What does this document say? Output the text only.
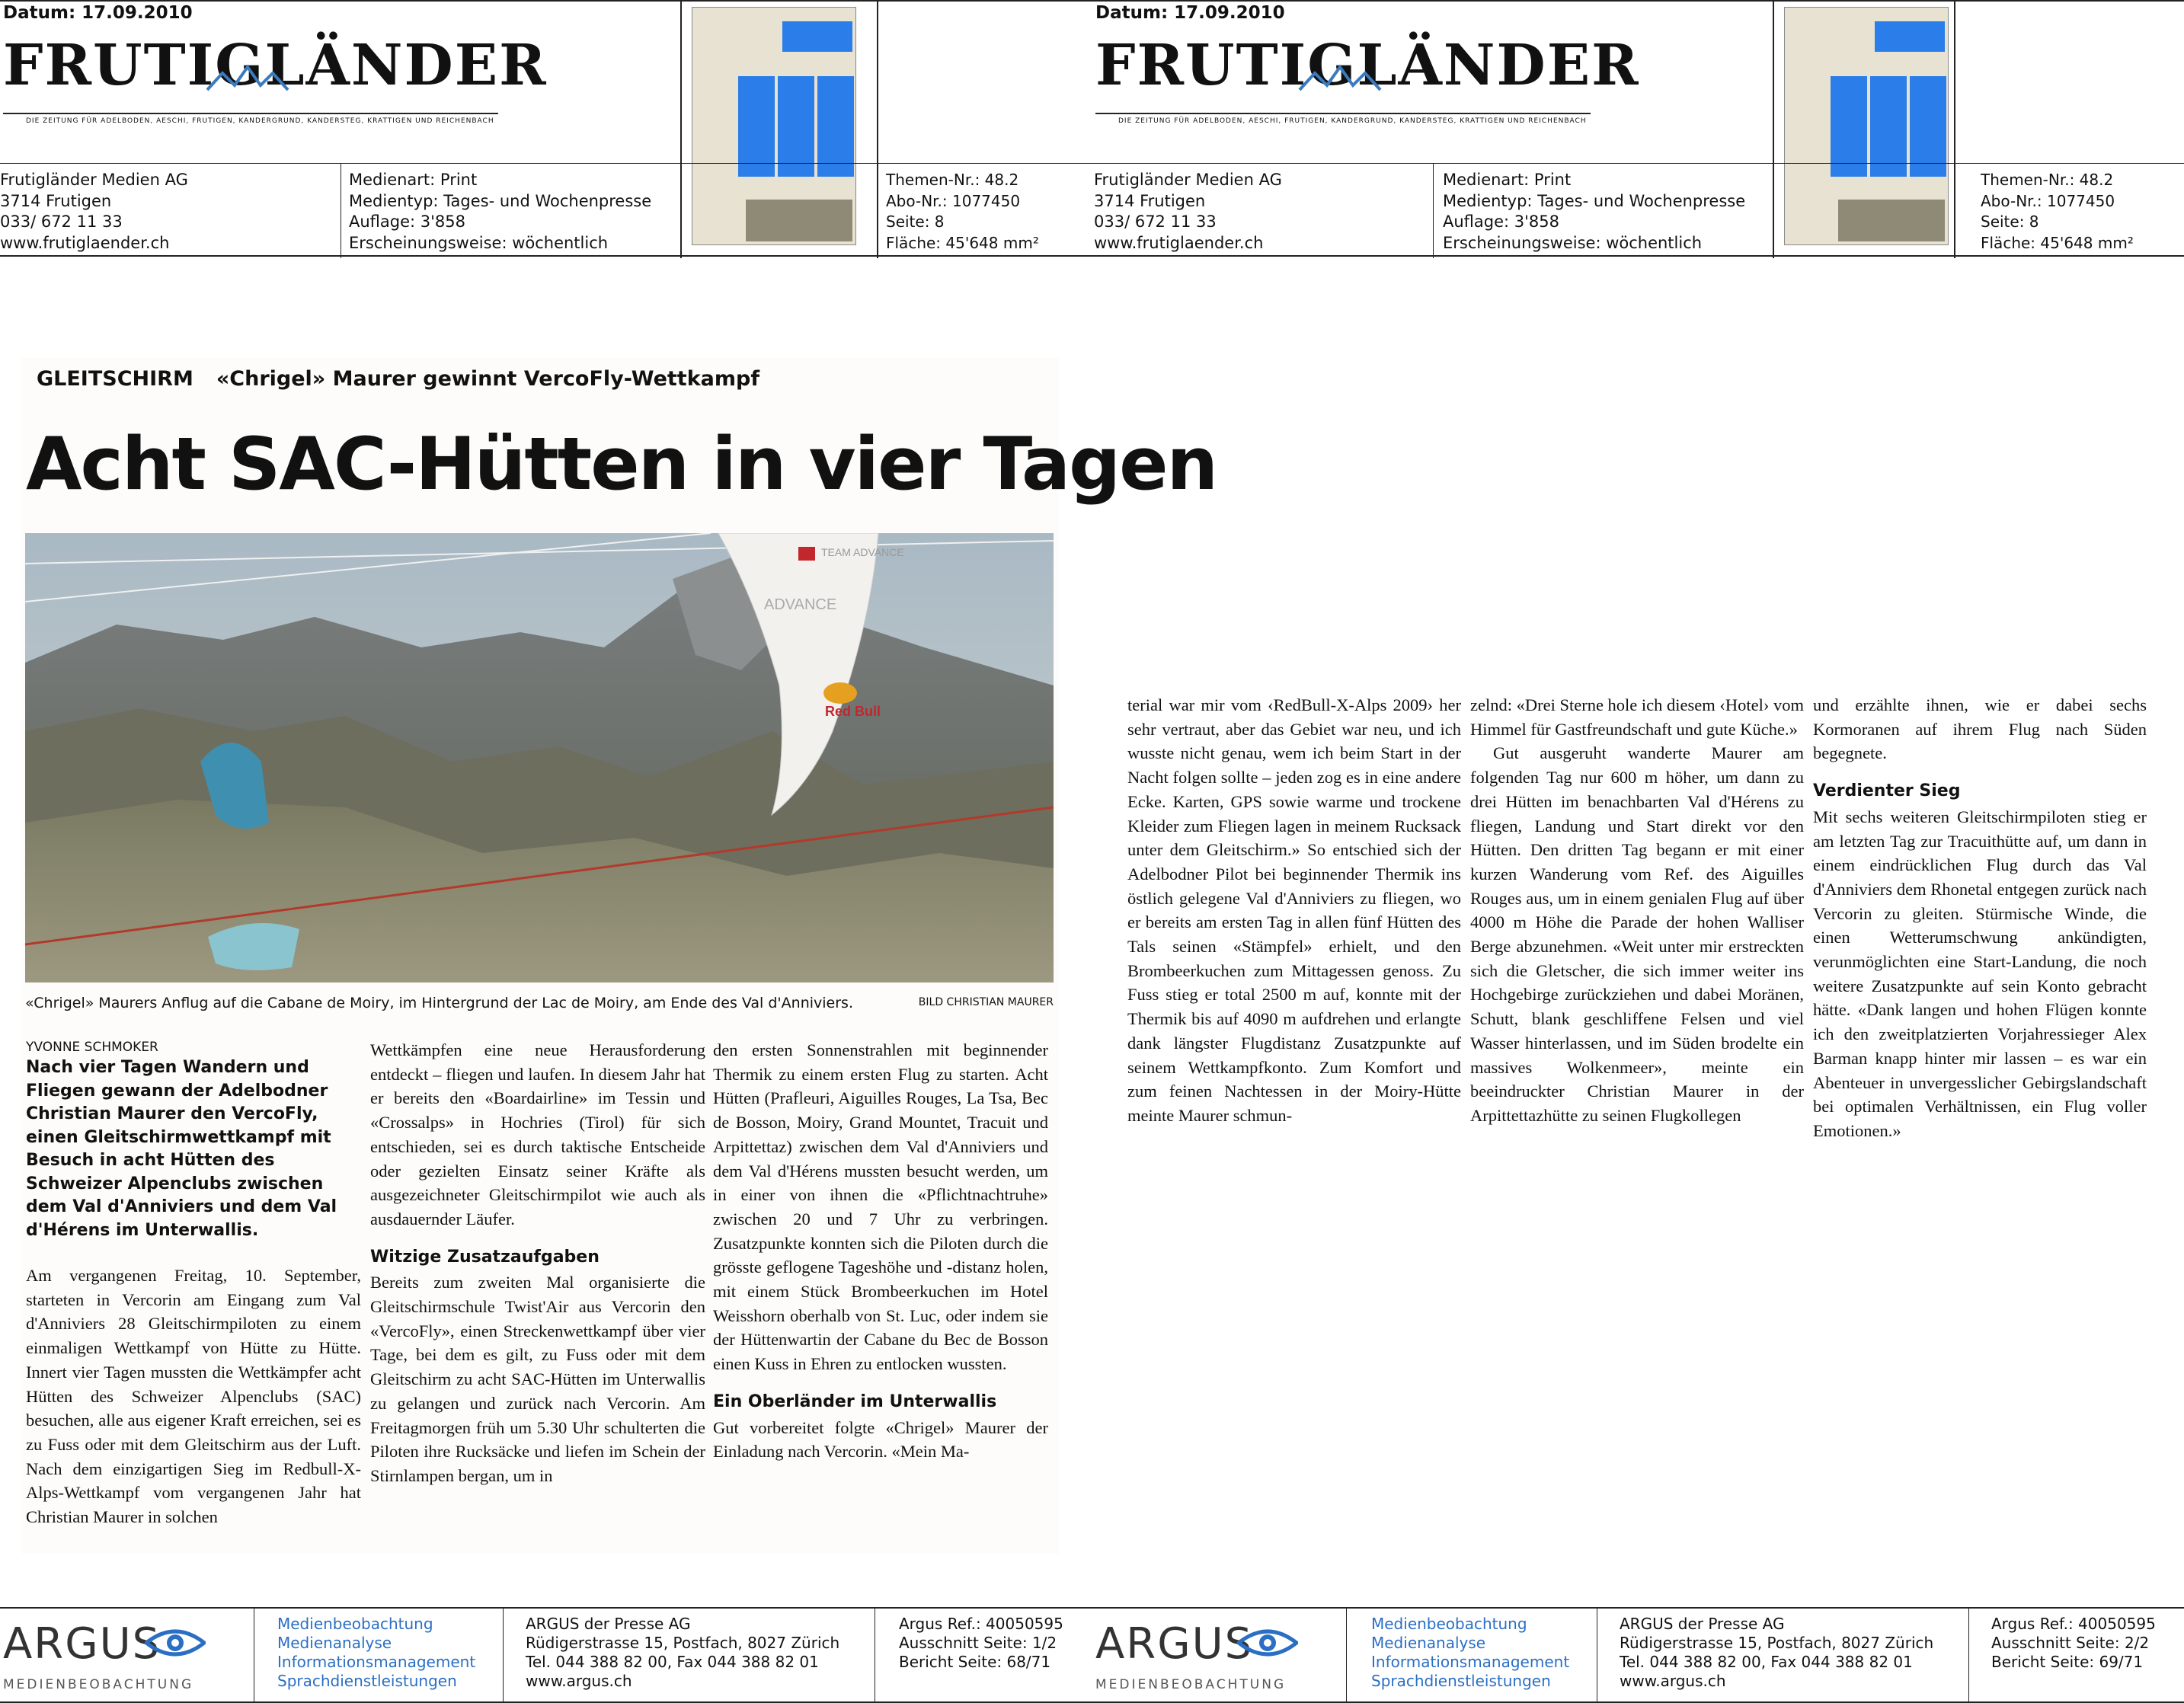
Datum: 17.09.2010
FRUTIGLÄNDER
DIE ZEITUNG FÜR ADELBODEN, AESCHI, FRUTIGEN, KANDERGRUND, KANDERSTEG, KRATTIGEN UND REICHENBACH
Frutigländer Medien AG
3714 Frutigen
033/ 672 11 33
www.frutiglaender.ch
Medienart: Print
Medientyp: Tages- und Wochenpresse
Auflage: 3'858
Erscheinungsweise: wöchentlich
Themen-Nr.: 48.2
Abo-Nr.: 1077450
Seite: 8
Fläche: 45'648 mm²
GLEITSCHIRM «Chrigel» Maurer gewinnt VercoFly-Wettkampf
Acht SAC-Hütten in vier Tagen
TEAM ADVANCE
ADVANCE
Red Bull
«Chrigel» Maurers Anflug auf die Cabane de Moiry, im Hintergrund der Lac de Moiry, am Ende des Val d'Anniviers.	BILD CHRISTIAN MAURER
YVONNE SCHMOKER
Nach vier Tagen Wandern und Fliegen gewann der Adelbodner Christian Maurer den VercoFly, einen Gleitschirmwettkampf mit Besuch in acht Hütten des Schweizer Alpenclubs zwischen dem Val d'Anniviers und dem Val d'Hérens im Unterwallis.

Am vergangenen Freitag, 10. September, starteten in Vercorin am Eingang zum Val d'Anniviers 28 Gleitschirmpiloten zu einem einmaligen Wettkampf von Hütte zu Hütte. Innert vier Tagen mussten die Wettkämpfer acht Hütten des Schweizer Alpenclubs (SAC) besuchen, alle aus eigener Kraft erreichen, sei es zu Fuss oder mit dem Gleitschirm aus der Luft. Nach dem einzigartigen Sieg im Redbull-X-Alps-Wettkampf vom vergangenen Jahr hat Christian Maurer in solchen

Wettkämpfen eine neue Herausforderung entdeckt – fliegen und laufen. In diesem Jahr hat er bereits den «Boardairline» im Tessin und «Crossalps» in Hochries (Tirol) für sich entschieden, sei es durch taktische Entscheide oder gezielten Einsatz seiner Kräfte als ausgezeichneter Gleitschirmpilot wie auch als ausdauernder Läufer.

Witzige Zusatzaufgaben

Bereits zum zweiten Mal organisierte die Gleitschirmschule Twist'Air aus Vercorin den «VercoFly», einen Streckenwettkampf über vier Tage, bei dem es gilt, zu Fuss oder mit dem Gleitschirm zu acht SAC-Hütten im Unterwallis zu gelangen und zurück nach Vercorin. Am Freitagmorgen früh um 5.30 Uhr schulterten die Piloten ihre Rucksäcke und liefen im Schein der Stirnlampen bergan, um in

den ersten Sonnenstrahlen mit beginnender Thermik zu einem ersten Flug zu starten. Acht Hütten (Prafleuri, Aiguilles Rouges, La Tsa, Bec de Bosson, Moiry, Grand Mountet, Tracuit und Arpittettaz) zwischen dem Val d'Anniviers und dem Val d'Hérens mussten besucht werden, um in einer von ihnen die «Pflichtnachtruhe» zwischen 20 und 7 Uhr zu verbringen. Zusatzpunkte konnten sich die Piloten durch die grösste geflogene Tageshöhe und -distanz holen, mit einem Stück Brombeerkuchen im Hotel Weisshorn oberhalb von St. Luc, oder indem sie der Hüttenwartin der Cabane du Bec de Bosson einen Kuss in Ehren zu entlocken wussten.

Ein Oberländer im Unterwallis

Gut vorbereitet folgte «Chrigel» Maurer der Einladung nach Vercorin. «Mein Ma-

ARGUS
MEDIENBEOBACHTUNG
Medienbeobachtung
Medienanalyse
Informationsmanagement
Sprachdienstleistungen
ARGUS der Presse AG
Rüdigerstrasse 15, Postfach, 8027 Zürich
Tel. 044 388 82 00, Fax 044 388 82 01
www.argus.ch
Argus Ref.: 40050595
Ausschnitt Seite: 1/2
Bericht Seite: 68/71
Datum: 17.09.2010
FRUTIGLÄNDER
DIE ZEITUNG FÜR ADELBODEN, AESCHI, FRUTIGEN, KANDERGRUND, KANDERSTEG, KRATTIGEN UND REICHENBACH
Frutigländer Medien AG
3714 Frutigen
033/ 672 11 33
www.frutiglaender.ch
Medienart: Print
Medientyp: Tages- und Wochenpresse
Auflage: 3'858
Erscheinungsweise: wöchentlich
Themen-Nr.: 48.2
Abo-Nr.: 1077450
Seite: 8
Fläche: 45'648 mm²

terial war mir vom ‹RedBull-X-Alps 2009› her sehr vertraut, aber das Gebiet war neu, und ich wusste nicht genau, wem ich beim Start in der Nacht folgen sollte – jeden zog es in eine andere Ecke. Karten, GPS sowie warme und trockene Kleider zum Fliegen lagen in meinem Rucksack unter dem Gleitschirm.» So entschied sich der Adelbodner Pilot bei beginnender Thermik ins östlich gelegene Val d'Anniviers zu fliegen, wo er bereits am ersten Tag in allen fünf Hütten des Tals seinen «Stämpfel» erhielt, und den Brombeerkuchen zum Mittagessen genoss. Zu Fuss stieg er total 2500 m auf, konnte mit der Thermik bis auf 4090 m aufdrehen und erlangte dank längster Flugdistanz Zusatzpunkte auf seinem Wettkampfkonto. Zum Komfort und zum feinen Nachtessen in der Moiry-Hütte meinte Maurer schmun-

zelnd: «Drei Sterne hole ich diesem ‹Hotel› vom Himmel für Gastfreundschaft und gute Küche.»

Gut ausgeruht wanderte Maurer am folgenden Tag nur 600 m höher, um dann zu drei Hütten im benachbarten Val d'Hérens zu fliegen, Landung und Start direkt vor den Hütten. Den dritten Tag begann er mit einer kurzen Wanderung vom Ref. des Aiguilles Rouges aus, um in einem genialen Flug auf über 4000 m Höhe die Parade der hohen Walliser Berge abzunehmen. «Weit unter mir erstreckten sich die Gletscher, die sich immer weiter ins Hochgebirge zurückziehen und dabei Moränen, Schutt, blank geschliffene Felsen und viel Wasser hinterlassen, und im Süden brodelte ein massives Wolkenmeer», meinte ein beeindruckter Christian Maurer in der Arpittettazhütte zu seinen Flugkollegen

und erzählte ihnen, wie er dabei sechs Kormoranen auf ihrem Flug nach Süden begegnete.

Verdienter Sieg

Mit sechs weiteren Gleitschirmpiloten stieg er am letzten Tag zur Tracuithütte auf, um dann in einem eindrücklichen Flug durch das Val d'Anniviers dem Rhonetal entgegen zurück nach Vercorin zu gleiten. Stürmische Winde, die einen Wetterumschwung ankündigten, verunmöglichten eine Start-Landung, die noch weitere Zusatzpunkte auf sein Konto gebracht hätte. «Dank langen und hohen Flügen konnte ich den zweitplatzierten Vorjahressieger Alex Barman knapp hinter mir lassen – es war ein Abenteuer in unvergesslicher Gebirgslandschaft bei optimalen Verhältnissen, ein Flug voller Emotionen.»

ARGUS
MEDIENBEOBACHTUNG
Medienbeobachtung
Medienanalyse
Informationsmanagement
Sprachdienstleistungen
ARGUS der Presse AG
Rüdigerstrasse 15, Postfach, 8027 Zürich
Tel. 044 388 82 00, Fax 044 388 82 01
www.argus.ch
Argus Ref.: 40050595
Ausschnitt Seite: 2/2
Bericht Seite: 69/71
